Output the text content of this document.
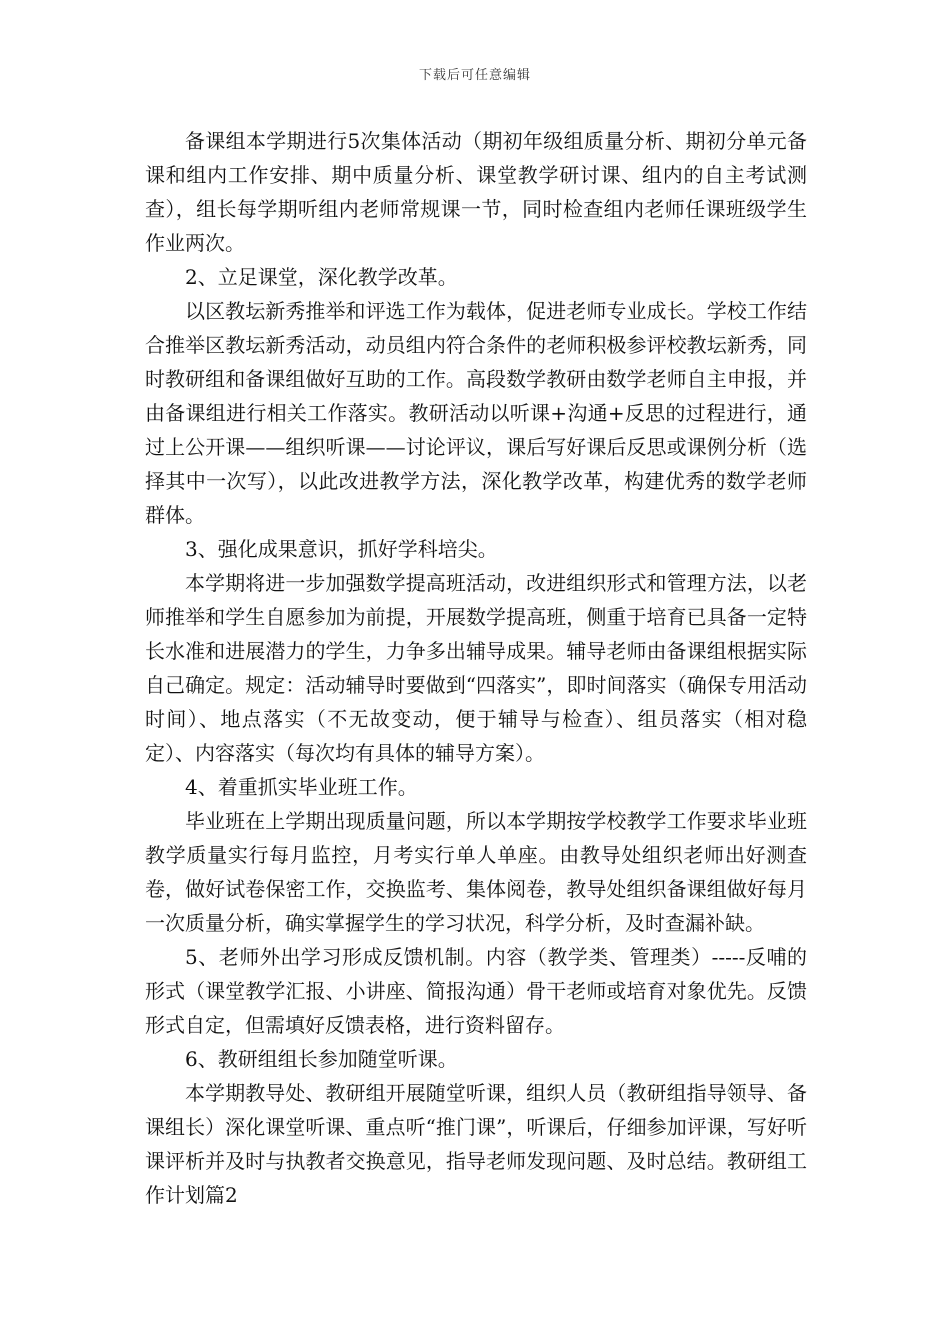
下载后可任意编辑

备课组本学期进行5次集体活动（期初年级组质量分析、期初分单元备课和组内工作安排、期中质量分析、课堂教学研讨课、组内的自主考试测查），组长每学期听组内老师常规课一节，同时检查组内老师任课班级学生作业两次。

2、立足课堂，深化教学改革。

以区教坛新秀推举和评选工作为载体，促进老师专业成长。学校工作结合推举区教坛新秀活动，动员组内符合条件的老师积极参评校教坛新秀，同时教研组和备课组做好互助的工作。高段数学教研由数学老师自主申报，并由备课组进行相关工作落实。教研活动以听课+沟通+反思的过程进行，通过上公开课——组织听课——讨论评议，课后写好课后反思或课例分析（选择其中一次写），以此改进教学方法，深化教学改革，构建优秀的数学老师群体。

3、强化成果意识，抓好学科培尖。

本学期将进一步加强数学提高班活动，改进组织形式和管理方法，以老师推举和学生自愿参加为前提，开展数学提高班，侧重于培育已具备一定特长水准和进展潜力的学生，力争多出辅导成果。辅导老师由备课组根据实际自己确定。规定：活动辅导时要做到“四落实”，即时间落实（确保专用活动时间）、地点落实（不无故变动，便于辅导与检查）、组员落实（相对稳定）、内容落实（每次均有具体的辅导方案）。

4、着重抓实毕业班工作。

毕业班在上学期出现质量问题，所以本学期按学校教学工作要求毕业班教学质量实行每月监控，月考实行单人单座。由教导处组织老师出好测查卷，做好试卷保密工作，交换监考、集体阅卷，教导处组织备课组做好每月一次质量分析，确实掌握学生的学习状况，科学分析，及时查漏补缺。

5、老师外出学习形成反馈机制。内容（教学类、管理类）-----反哺的形式（课堂教学汇报、小讲座、简报沟通）骨干老师或培育对象优先。反馈形式自定，但需填好反馈表格，进行资料留存。

6、教研组组长参加随堂听课。

本学期教导处、教研组开展随堂听课，组织人员（教研组指导领导、备课组长）深化课堂听课、重点听“推门课”，听课后，仔细参加评课，写好听课评析并及时与执教者交换意见，指导老师发现问题、及时总结。教研组工作计划篇2
